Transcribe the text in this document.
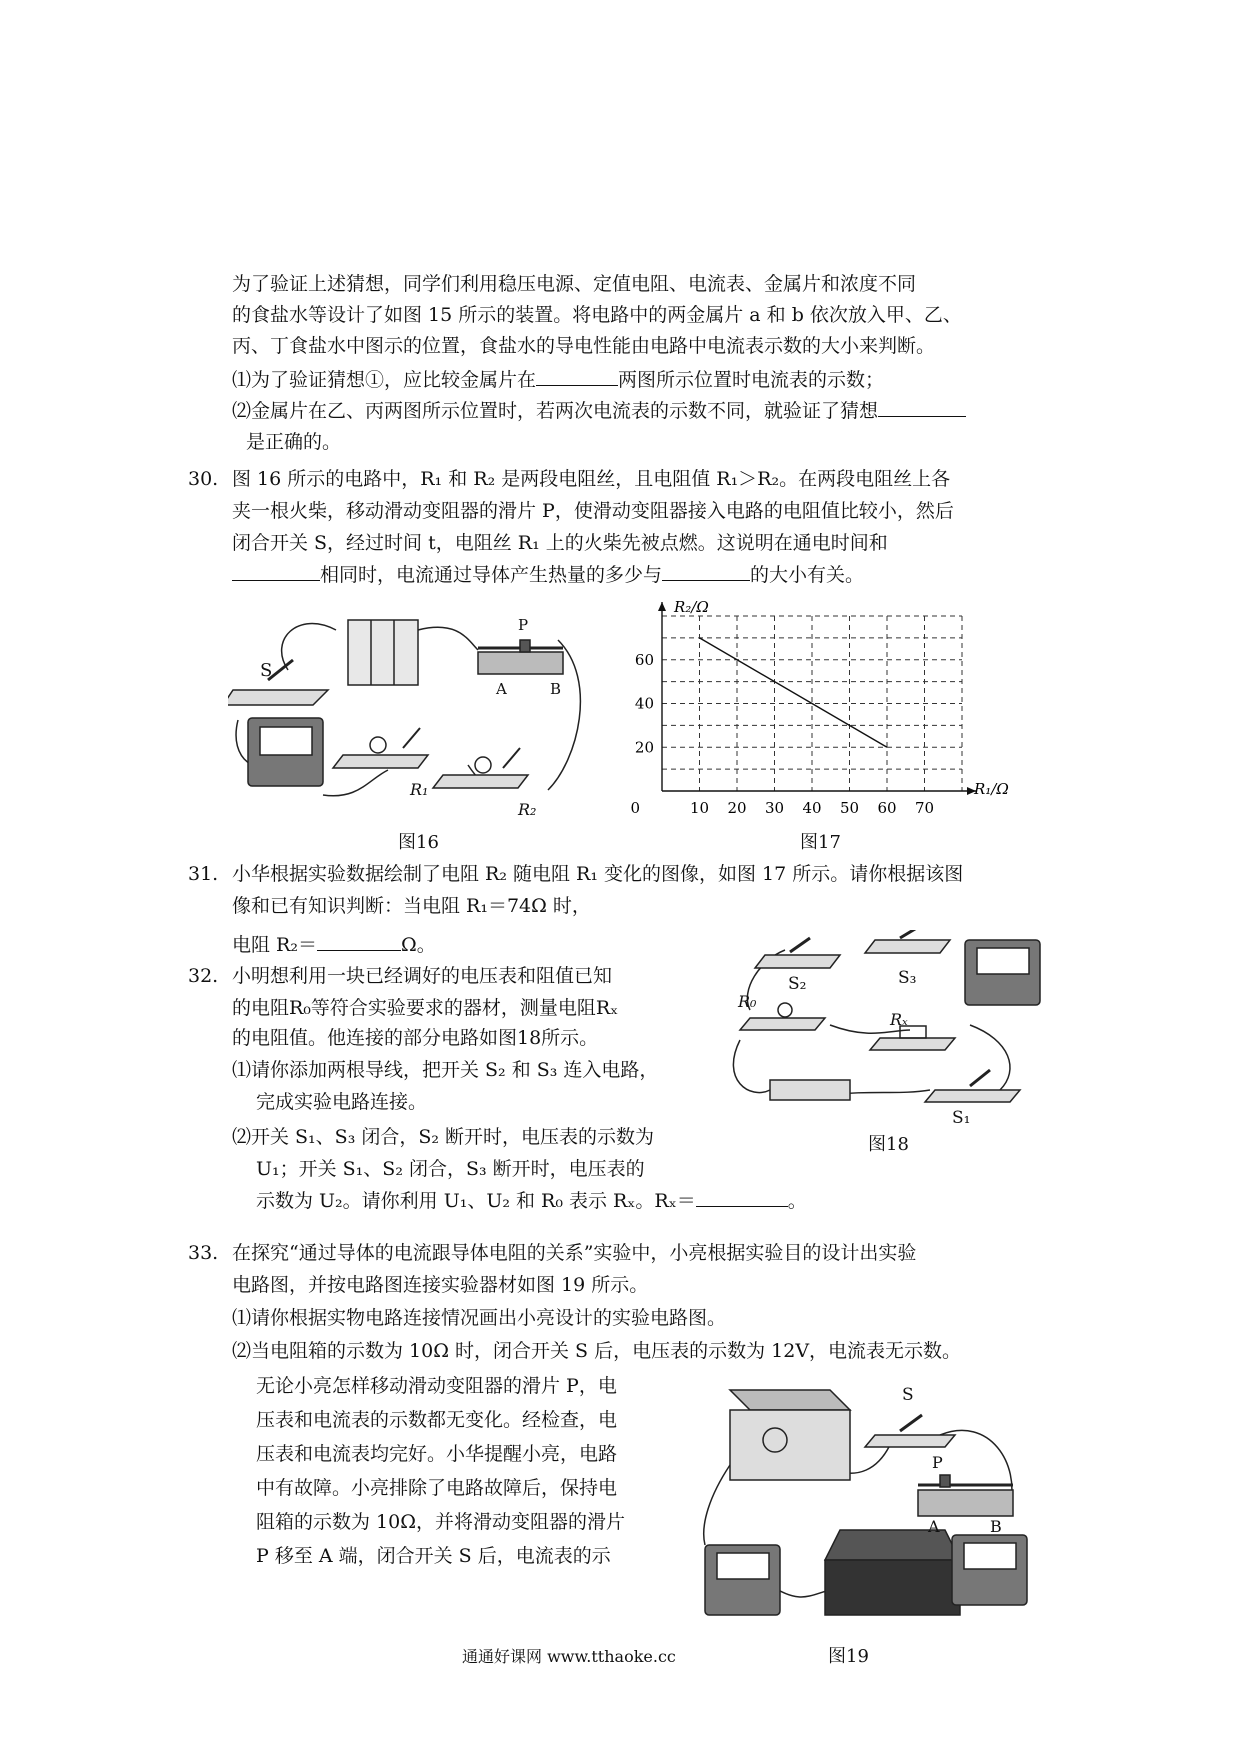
为了验证上述猜想，同学们利用稳压电源、定值电阻、电流表、金属片和浓度不同
的食盐水等设计了如图 15 所示的装置。将电路中的两金属片 a 和 b 依次放入甲、乙、
丙、丁食盐水中图示的位置，食盐水的导电性能由电路中电流表示数的大小来判断。
⑴为了验证猜想①，应比较金属片在	两图所示位置时电流表的示数；
⑵金属片在乙、丙两图所示位置时，若两次电流表的示数不同，就验证了猜想
是正确的。
30. 图 16 所示的电路中，R₁ 和 R₂ 是两段电阻丝，且电阻值 R₁＞R₂。在两段电阻丝上各
夹一根火柴，移动滑动变阻器的滑片 P，使滑动变阻器接入电路的电阻值比较小，然后
闭合开关 S，经过时间 t，电阻丝 R₁ 上的火柴先被点燃。这说明在通电时间和
相同时，电流通过导体产生热量的多少与	的大小有关。
S
P
A	B
R₁
R₂
图16
10 20 30 40 50 60 70
0
20
40
60
R₂/Ω
R₁/Ω
图17
31. 小华根据实验数据绘制了电阻 R₂ 随电阻 R₁ 变化的图像，如图 17 所示。请你根据该图
像和已有知识判断：当电阻 R₁＝74Ω 时，
电阻 R₂＝	Ω。
32. 小明想利用一块已经调好的电压表和阻值已知
的电阻R₀等符合实验要求的器材，测量电阻Rₓ
的电阻值。他连接的部分电路如图18所示。
⑴请你添加两根导线，把开关 S₂ 和 S₃ 连入电路，
完成实验电路连接。
⑵开关 S₁、S₃ 闭合，S₂ 断开时，电压表的示数为
U₁；开关 S₁、S₂ 闭合，S₃ 断开时，电压表的
示数为 U₂。请你利用 U₁、U₂ 和 R₀ 表示 Rₓ。Rₓ＝	。
S₂	S₃
R₀
Rₓ
S₁
图18
33. 在探究“通过导体的电流跟导体电阻的关系”实验中，小亮根据实验目的设计出实验
电路图，并按电路图连接实验器材如图 19 所示。
⑴请你根据实物电路连接情况画出小亮设计的实验电路图。
⑵当电阻箱的示数为 10Ω 时，闭合开关 S 后，电压表的示数为 12V，电流表无示数。
无论小亮怎样移动滑动变阻器的滑片 P，电
压表和电流表的示数都无变化。经检查，电
压表和电流表均完好。小华提醒小亮，电路
中有故障。小亮排除了电路故障后，保持电
阻箱的示数为 10Ω，并将滑动变阻器的滑片
P 移至 A 端，闭合开关 S 后，电流表的示
S
P
A	B
图19
通通好课网 www.tthaoke.cc
